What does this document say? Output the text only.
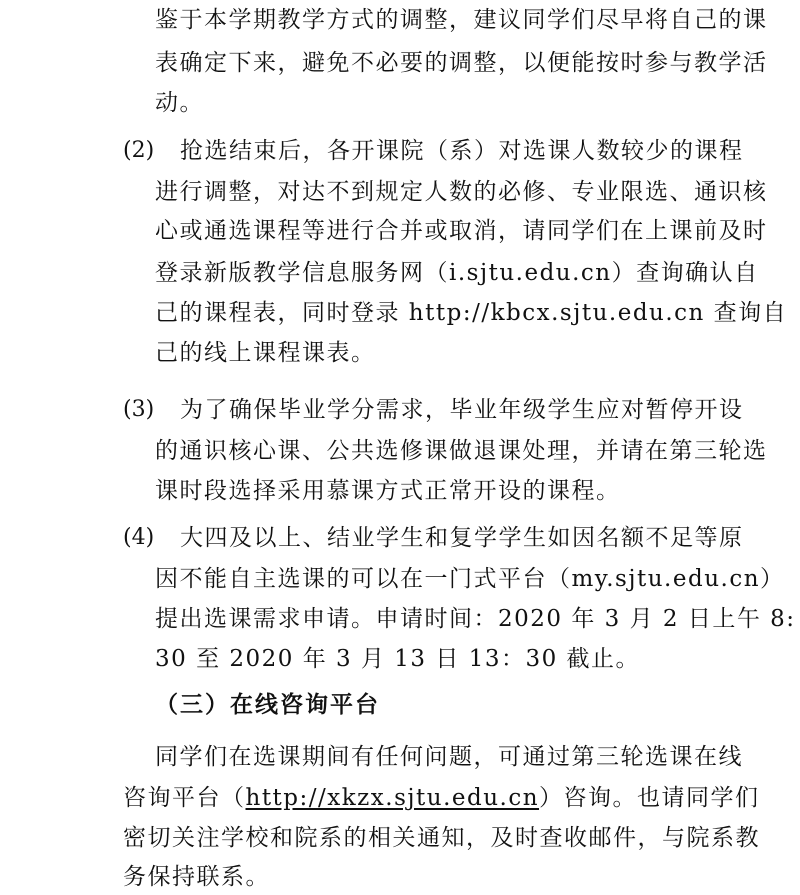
鉴于本学期教学方式的调整，建议同学们尽早将自己的课
表确定下来，避免不必要的调整，以便能按时参与教学活
动。
(2) 抢选结束后，各开课院（系）对选课人数较少的课程
进行调整，对达不到规定人数的必修、专业限选、通识核
心或通选课程等进行合并或取消，请同学们在上课前及时
登录新版教学信息服务网（i.sjtu.edu.cn）查询确认自
己的课程表，同时登录 http://kbcx.sjtu.edu.cn 查询自
己的线上课程课表。
(3) 为了确保毕业学分需求，毕业年级学生应对暂停开设
的通识核心课、公共选修课做退课处理，并请在第三轮选
课时段选择采用慕课方式正常开设的课程。
(4) 大四及以上、结业学生和复学学生如因名额不足等原
因不能自主选课的可以在一门式平台（my.sjtu.edu.cn）
提出选课需求申请。申请时间：2020 年 3 月 2 日上午 8:
30 至 2020 年 3 月 13 日 13：30 截止。
（三）在线咨询平台
同学们在选课期间有任何问题，可通过第三轮选课在线
咨询平台（http://xkzx.sjtu.edu.cn）咨询。也请同学们
密切关注学校和院系的相关通知，及时查收邮件，与院系教
务保持联系。
